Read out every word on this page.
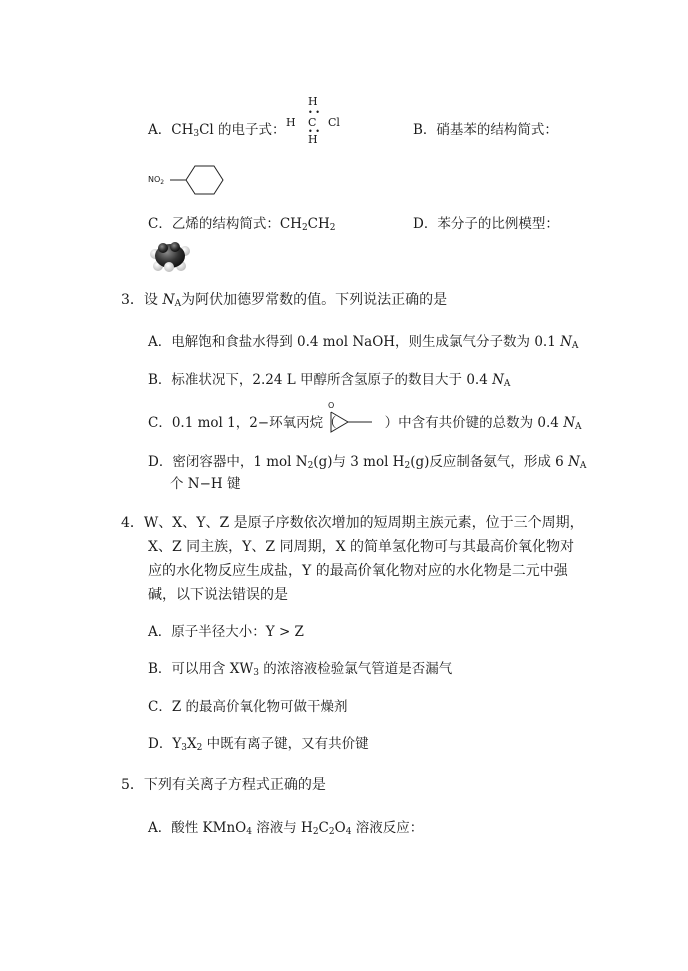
A．$CH_3Cl$ 的电子式：
H
• •
H C Cl
• •
H
B．硝基苯的结构简式：
$NO_2$
C．乙烯的结构简式：$CH_2CH_2$	D．苯分子的比例模型：
3．设 $N_A$为阿伏加德罗常数的值。下列说法正确的是
A．电解饱和食盐水得到 0.4 mol NaOH，则生成氯气分子数为 0.1 $N_A$
B．标准状况下，2.24 L 甲醇所含氢原子的数目大于 0.4 $N_A$
C．0.1 mol 1，2−环氧丙烷（	）中含有共价键的总数为 0.4 $N_A$
O
D．密闭容器中，1 mol $N_2(g)$与 3 mol $H_2(g)$反应制备氨气，形成 6 $N_A$
个 N−H 键
4．W、X、Y、Z 是原子序数依次增加的短周期主族元素，位于三个周期，
X、Z 同主族，Y、Z 同周期，X 的简单氢化物可与其最高价氧化物对
应的水化物反应生成盐，Y 的最高价氧化物对应的水化物是二元中强
碱，以下说法错误的是
A．原子半径大小：Y > Z
B．可以用含 $XW_3$ 的浓溶液检验氯气管道是否漏气
C．Z 的最高价氧化物可做干燥剂
D．$Y_3X_2$ 中既有离子键，又有共价键
5．下列有关离子方程式正确的是
A．酸性 KMnO$_4$ 溶液与 $H_2C_2O_4$ 溶液反应：
